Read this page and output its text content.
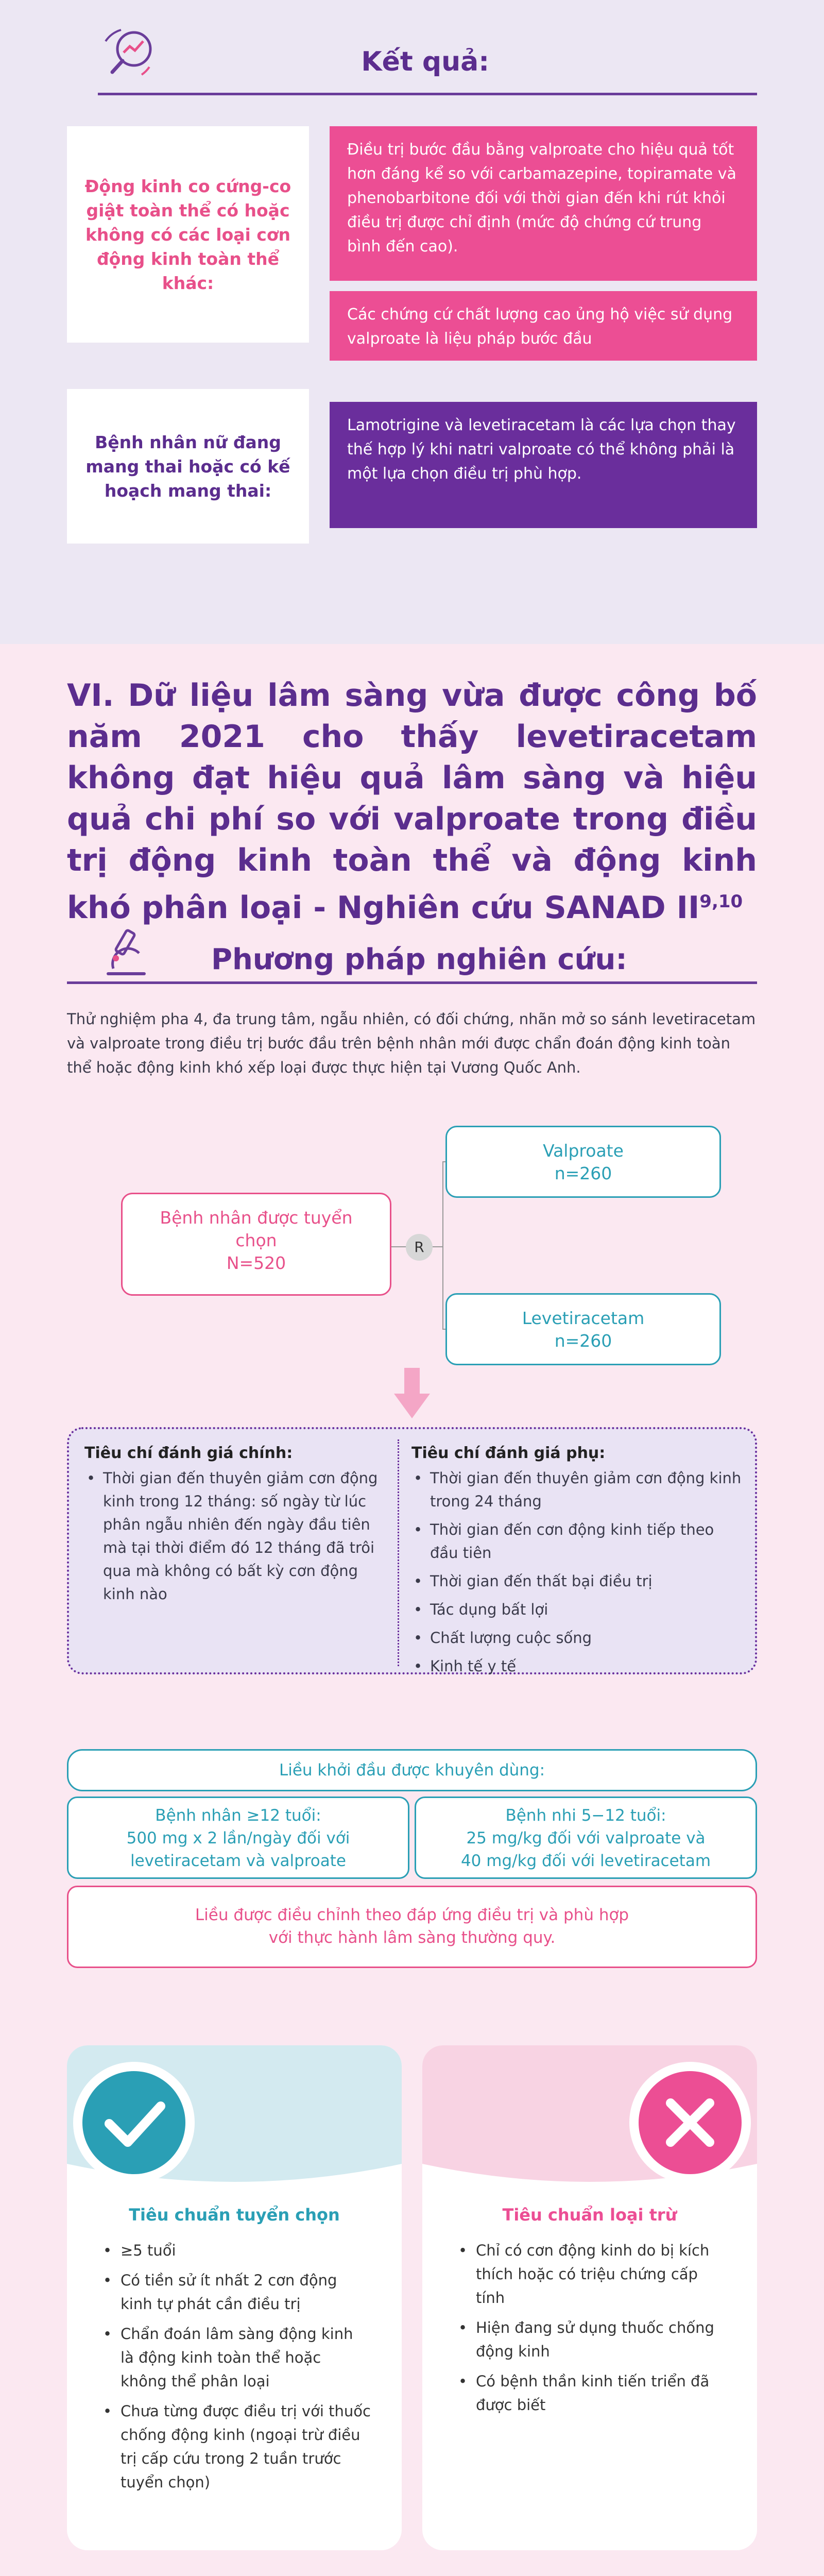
Kết quả:
Động kinh co cứng-co giật toàn thể có hoặc không có các loại cơn động kinh toàn thể khác:
Điều trị bước đầu bằng valproate cho hiệu quả tốt hơn đáng kể so với carbamazepine, topiramate và phenobarbitone đối với thời gian đến khi rút khỏi điều trị được chỉ định (mức độ chứng cứ trung bình đến cao).
Các chứng cứ chất lượng cao ủng hộ việc sử dụng valproate là liệu pháp bước đầu
Bệnh nhân nữ đang mang thai hoặc có kế hoạch mang thai:
Lamotrigine và levetiracetam là các lựa chọn thay thế hợp lý khi natri valproate có thể không phải là một lựa chọn điều trị phù hợp.
VI. Dữ liệu lâm sàng vừa được công bố năm 2021 cho thấy levetiracetam không đạt hiệu quả lâm sàng và hiệu quả chi phí so với valproate trong điều trị động kinh toàn thể và động kinh khó phân loại - Nghiên cứu SANAD II$^{9,10}$
Phương pháp nghiên cứu:
Thử nghiệm pha 4, đa trung tâm, ngẫu nhiên, có đối chứng, nhãn mở so sánh levetiracetam và valproate trong điều trị bước đầu trên bệnh nhân mới được chẩn đoán động kinh toàn thể hoặc động kinh khó xếp loại được thực hiện tại Vương Quốc Anh.
Bệnh nhân được tuyển chọn
N=520
R
Valproate
n=260
Levetiracetam
n=260
Tiêu chí đánh giá chính:
• Thời gian đến thuyên giảm cơn động kinh trong 12 tháng: số ngày từ lúc phân ngẫu nhiên đến ngày đầu tiên mà tại thời điểm đó 12 tháng đã trôi qua mà không có bất kỳ cơn động kinh nào
Tiêu chí đánh giá phụ:
• Thời gian đến thuyên giảm cơn động kinh trong 24 tháng
• Thời gian đến cơn động kinh tiếp theo đầu tiên
• Thời gian đến thất bại điều trị
• Tác dụng bất lợi
• Chất lượng cuộc sống
• Kinh tế y tế
Liều khởi đầu được khuyên dùng:
Bệnh nhân ≥12 tuổi:
500 mg x 2 lần/ngày đối với
levetiracetam và valproate
Bệnh nhi 5−12 tuổi:
25 mg/kg đối với valproate và
40 mg/kg đối với levetiracetam
Liều được điều chỉnh theo đáp ứng điều trị và phù hợp
với thực hành lâm sàng thường quy.
Tiêu chuẩn tuyển chọn
• ≥5 tuổi
• Có tiền sử ít nhất 2 cơn động kinh tự phát cần điều trị
• Chẩn đoán lâm sàng động kinh là động kinh toàn thể hoặc không thể phân loại
• Chưa từng được điều trị với thuốc chống động kinh (ngoại trừ điều trị cấp cứu trong 2 tuần trước tuyển chọn)
Tiêu chuẩn loại trừ
• Chỉ có cơn động kinh do bị kích thích hoặc có triệu chứng cấp tính
• Hiện đang sử dụng thuốc chống động kinh
• Có bệnh thần kinh tiến triển đã được biết
